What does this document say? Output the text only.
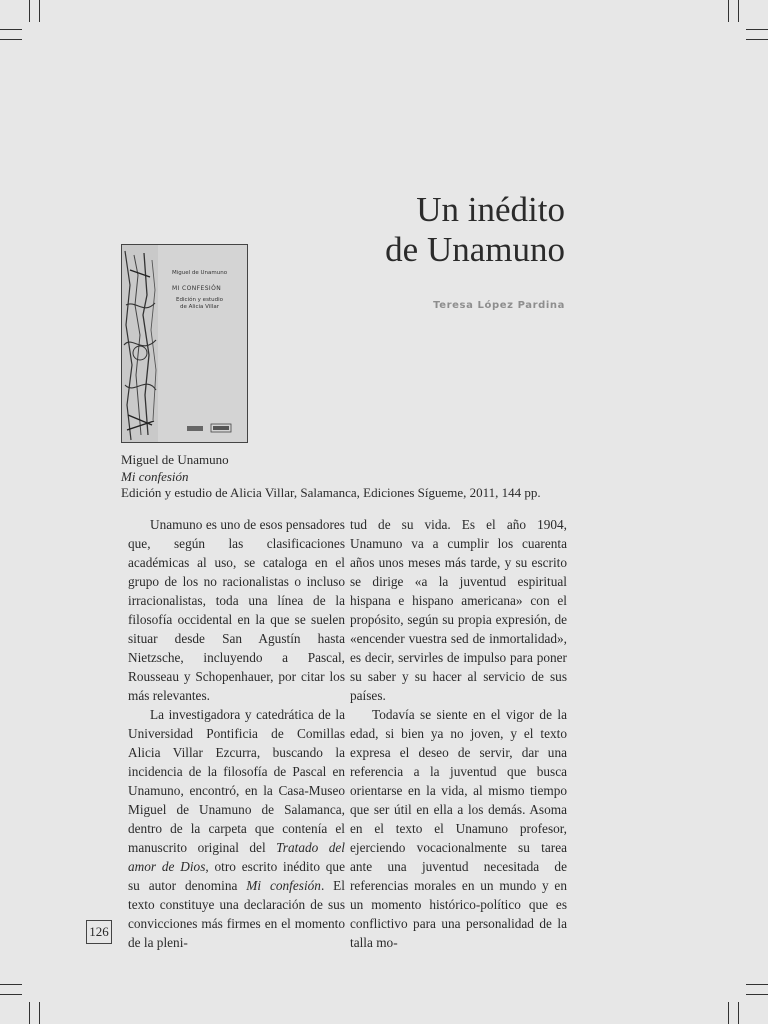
Un inédito
de Unamuno
Teresa López Pardina
Miguel de Unamuno
MI CONFESIÓN
Edición y estudio
de Alicia Villar
Miguel de Unamuno
Mi confesión
Edición y estudio de Alicia Villar, Salamanca, Ediciones Sígueme, 2011, 144 pp.

Unamuno es uno de esos pensadores que, según las clasificaciones académicas al uso, se cataloga en el grupo de los no racionalistas o incluso irracionalistas, toda una línea de la filosofía occidental en la que se suelen situar desde San Agustín hasta Nietzsche, incluyendo a Pascal, Rousseau y Schopenhauer, por citar los más relevantes.

La investigadora y catedrática de la Universidad Pontificia de Comillas Alicia Villar Ezcurra, buscando la incidencia de la filosofía de Pascal en Unamuno, encontró, en la Casa-Museo Miguel de Unamuno de Salamanca, dentro de la carpeta que contenía el manuscrito original del Tratado del amor de Dios, otro escrito inédito que su autor denomina Mi confesión. El texto constituye una declaración de sus convicciones más firmes en el momento de la pleni-

tud de su vida. Es el año 1904, Unamuno va a cumplir los cuarenta años unos meses más tarde, y su escrito se dirige «a la juventud espiritual hispana e hispano americana» con el propósito, según su propia expresión, de «encender vuestra sed de inmortalidad», es decir, servirles de impulso para poner su saber y su hacer al servicio de sus países.

Todavía se siente en el vigor de la edad, si bien ya no joven, y el texto expresa el deseo de servir, dar una referencia a la juventud que busca orientarse en la vida, al mismo tiempo que ser útil en ella a los demás. Asoma en el texto el Unamuno profesor, ejerciendo vocacionalmente su tarea ante una juventud necesitada de referencias morales en un mundo y en un momento histórico-político que es conflictivo para una personalidad de la talla mo-

126
